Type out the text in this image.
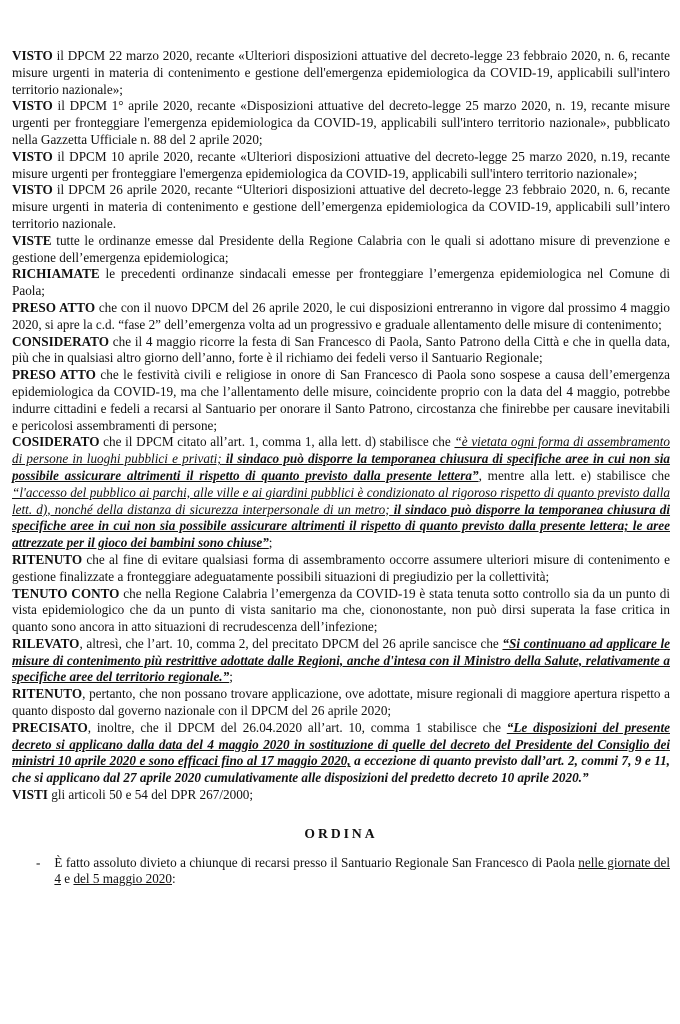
VISTO il DPCM 22 marzo 2020, recante «Ulteriori disposizioni attuative del decreto-legge 23 febbraio 2020, n. 6, recante misure urgenti in materia di contenimento e gestione dell'emergenza epidemiologica da COVID-19, applicabili sull'intero territorio nazionale»;

VISTO il DPCM 1° aprile 2020, recante «Disposizioni attuative del decreto-legge 25 marzo 2020, n. 19, recante misure urgenti per fronteggiare l'emergenza epidemiologica da COVID-19, applicabili sull'intero territorio nazionale», pubblicato nella Gazzetta Ufficiale n. 88 del 2 aprile 2020;

VISTO il DPCM 10 aprile 2020, recante «Ulteriori disposizioni attuative del decreto-legge 25 marzo 2020, n.19, recante misure urgenti per fronteggiare l'emergenza epidemiologica da COVID-19, applicabili sull'intero territorio nazionale»;

VISTO il DPCM 26 aprile 2020, recante “Ulteriori disposizioni attuative del decreto-legge 23 febbraio 2020, n. 6, recante misure urgenti in materia di contenimento e gestione dell’emergenza epidemiologica da COVID-19, applicabili sull’intero territorio nazionale.

VISTE tutte le ordinanze emesse dal Presidente della Regione Calabria con le quali si adottano misure di prevenzione e gestione dell’emergenza epidemiologica;

RICHIAMATE le precedenti ordinanze sindacali emesse per fronteggiare l’emergenza epidemiologica nel Comune di Paola;

PRESO ATTO che con il nuovo DPCM del 26 aprile 2020, le cui disposizioni entreranno in vigore dal prossimo 4 maggio 2020, si apre la c.d. “fase 2” dell’emergenza volta ad un progressivo e graduale allentamento delle misure di contenimento;

CONSIDERATO che il 4 maggio ricorre la festa di San Francesco di Paola, Santo Patrono della Città e che in quella data, più che in qualsiasi altro giorno dell’anno, forte è il richiamo dei fedeli verso il Santuario Regionale;

PRESO ATTO che le festività civili e religiose in onore di San Francesco di Paola sono sospese a causa dell’emergenza epidemiologica da COVID-19, ma che l’allentamento delle misure, coincidente proprio con la data del 4 maggio, potrebbe indurre cittadini e fedeli a recarsi al Santuario per onorare il Santo Patrono, circostanza che finirebbe per causare inevitabili e pericolosi assembramenti di persone;

COSIDERATO che il DPCM citato all’art. 1, comma 1, alla lett. d) stabilisce che “è vietata ogni forma di assembramento di persone in luoghi pubblici e privati; il sindaco può disporre la temporanea chiusura di specifiche aree in cui non sia possibile assicurare altrimenti il rispetto di quanto previsto dalla presente lettera”, mentre alla lett. e) stabilisce che “l'accesso del pubblico ai parchi, alle ville e ai giardini pubblici è condizionato al rigoroso rispetto di quanto previsto dalla lett. d), nonché della distanza di sicurezza interpersonale di un metro; il sindaco può disporre la temporanea chiusura di specifiche aree in cui non sia possibile assicurare altrimenti il rispetto di quanto previsto dalla presente lettera; le aree attrezzate per il gioco dei bambini sono chiuse”;

RITENUTO che al fine di evitare qualsiasi forma di assembramento occorre assumere ulteriori misure di contenimento e gestione finalizzate a fronteggiare adeguatamente possibili situazioni di pregiudizio per la collettività;

TENUTO CONTO che nella Regione Calabria l’emergenza da COVID-19 è stata tenuta sotto controllo sia da un punto di vista epidemiologico che da un punto di vista sanitario ma che, ciononostante, non può dirsi superata la fase critica in quanto sono ancora in atto situazioni di recrudescenza dell’infezione;

RILEVATO, altresì, che l’art. 10, comma 2, del precitato DPCM del 26 aprile sancisce che “Si continuano ad applicare le misure di contenimento più restrittive adottate dalle Regioni, anche d'intesa con il Ministro della Salute, relativamente a specifiche aree del territorio regionale.”;

RITENUTO, pertanto, che non possano trovare applicazione, ove adottate, misure regionali di maggiore apertura rispetto a quanto disposto dal governo nazionale con il DPCM del 26 aprile 2020;

PRECISATO, inoltre, che il DPCM del 26.04.2020 all’art. 10, comma 1 stabilisce che “Le disposizioni del presente decreto si applicano dalla data del 4 maggio 2020 in sostituzione di quelle del decreto del Presidente del Consiglio dei ministri 10 aprile 2020 e sono efficaci fino al 17 maggio 2020, a eccezione di quanto previsto dall’art. 2, commi 7, 9 e 11, che si applicano dal 27 aprile 2020 cumulativamente alle disposizioni del predetto decreto 10 aprile 2020.”

VISTI gli articoli 50 e 54 del DPR 267/2000;

ORDINA
- È fatto assoluto divieto a chiunque di recarsi presso il Santuario Regionale San Francesco di Paola nelle giornate del 4 e del 5 maggio 2020:
